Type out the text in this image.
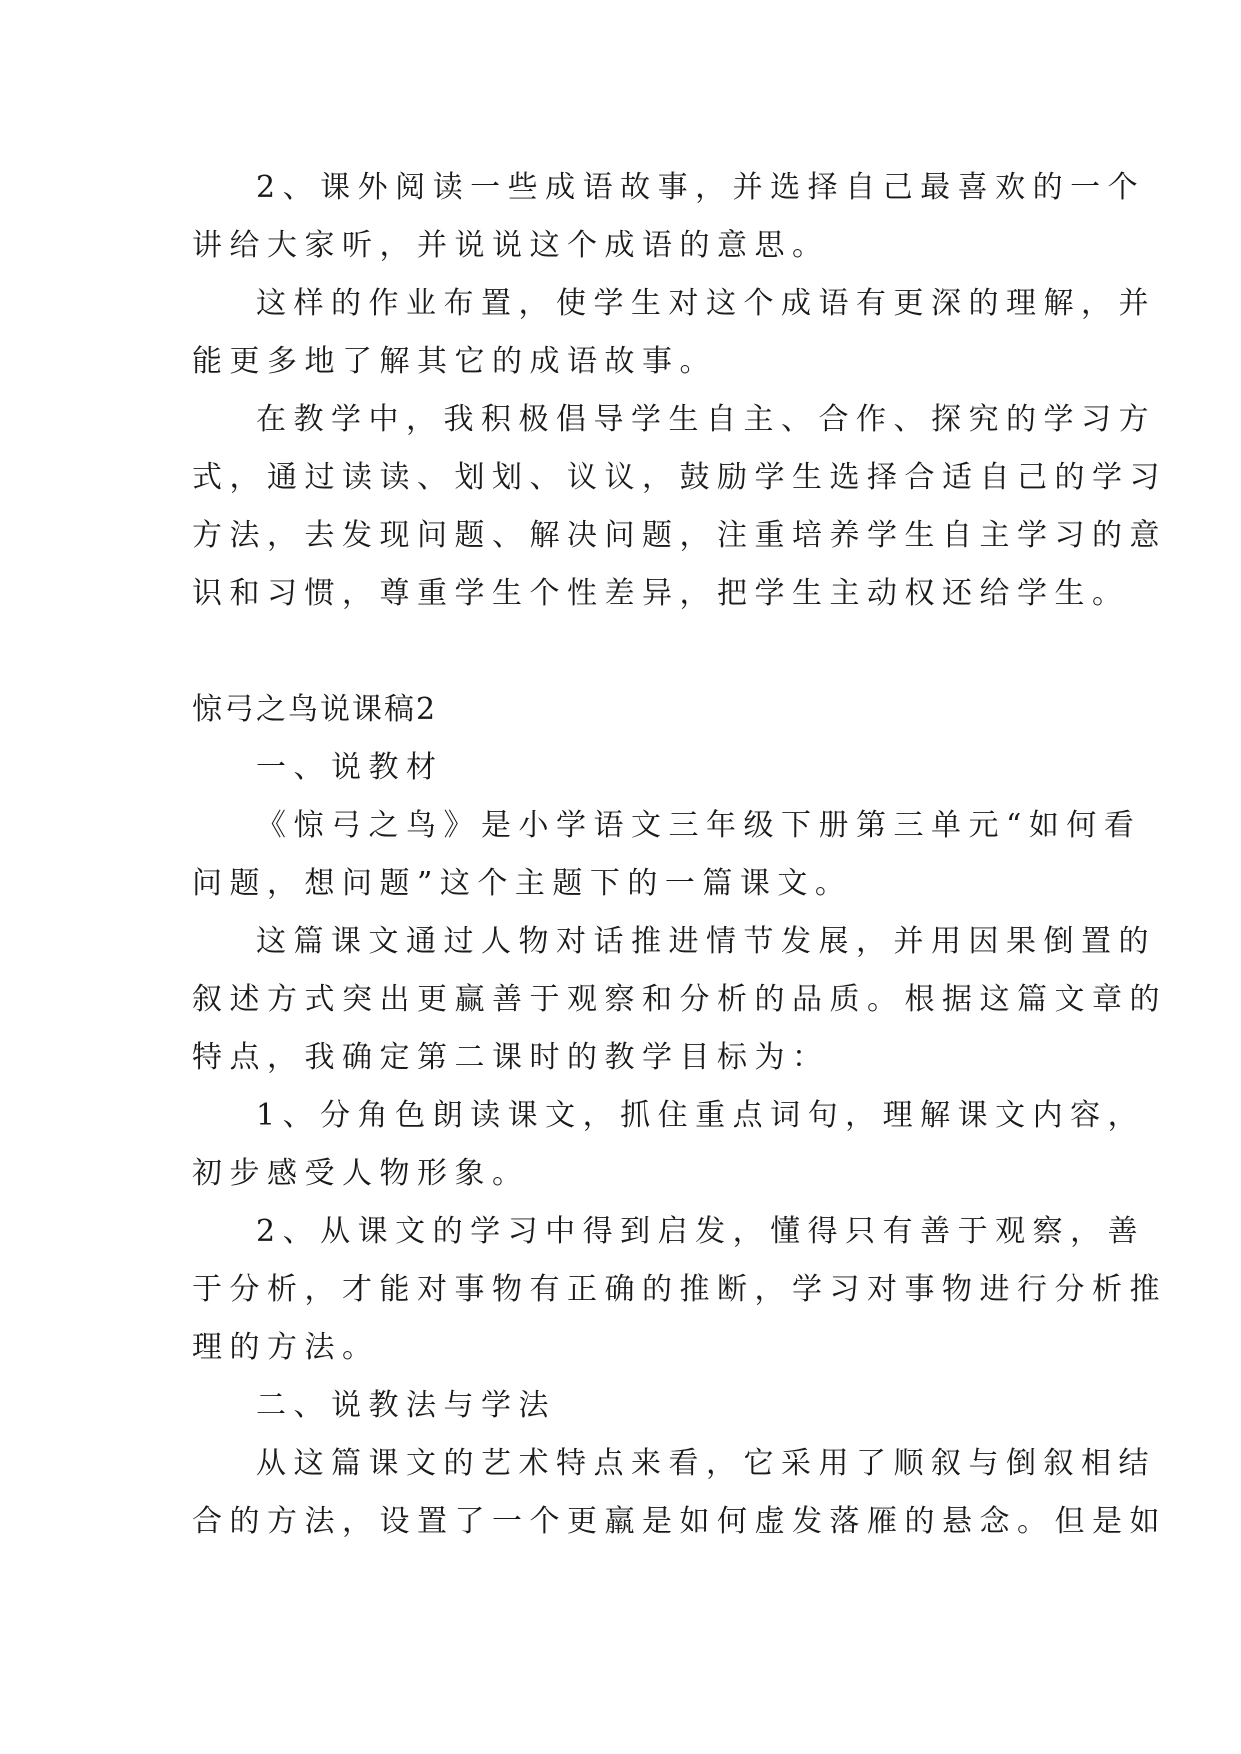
2、课外阅读一些成语故事，并选择自己最喜欢的一个
讲给大家听，并说说这个成语的意思。
这样的作业布置，使学生对这个成语有更深的理解，并
能更多地了解其它的成语故事。
在教学中，我积极倡导学生自主、合作、探究的学习方
式，通过读读、划划、议议，鼓励学生选择合适自己的学习
方法，去发现问题、解决问题，注重培养学生自主学习的意
识和习惯，尊重学生个性差异，把学生主动权还给学生。
惊弓之鸟说课稿2
一、说教材
《惊弓之鸟》是小学语文三年级下册第三单元“如何看
问题，想问题”这个主题下的一篇课文。
这篇课文通过人物对话推进情节发展，并用因果倒置的
叙述方式突出更赢善于观察和分析的品质。根据这篇文章的
特点，我确定第二课时的教学目标为：
1、分角色朗读课文，抓住重点词句，理解课文内容，
初步感受人物形象。
2、从课文的学习中得到启发，懂得只有善于观察，善
于分析，才能对事物有正确的推断，学习对事物进行分析推
理的方法。
二、说教法与学法
从这篇课文的艺术特点来看，它采用了顺叙与倒叙相结
合的方法，设置了一个更羸是如何虚发落雁的悬念。但是如
